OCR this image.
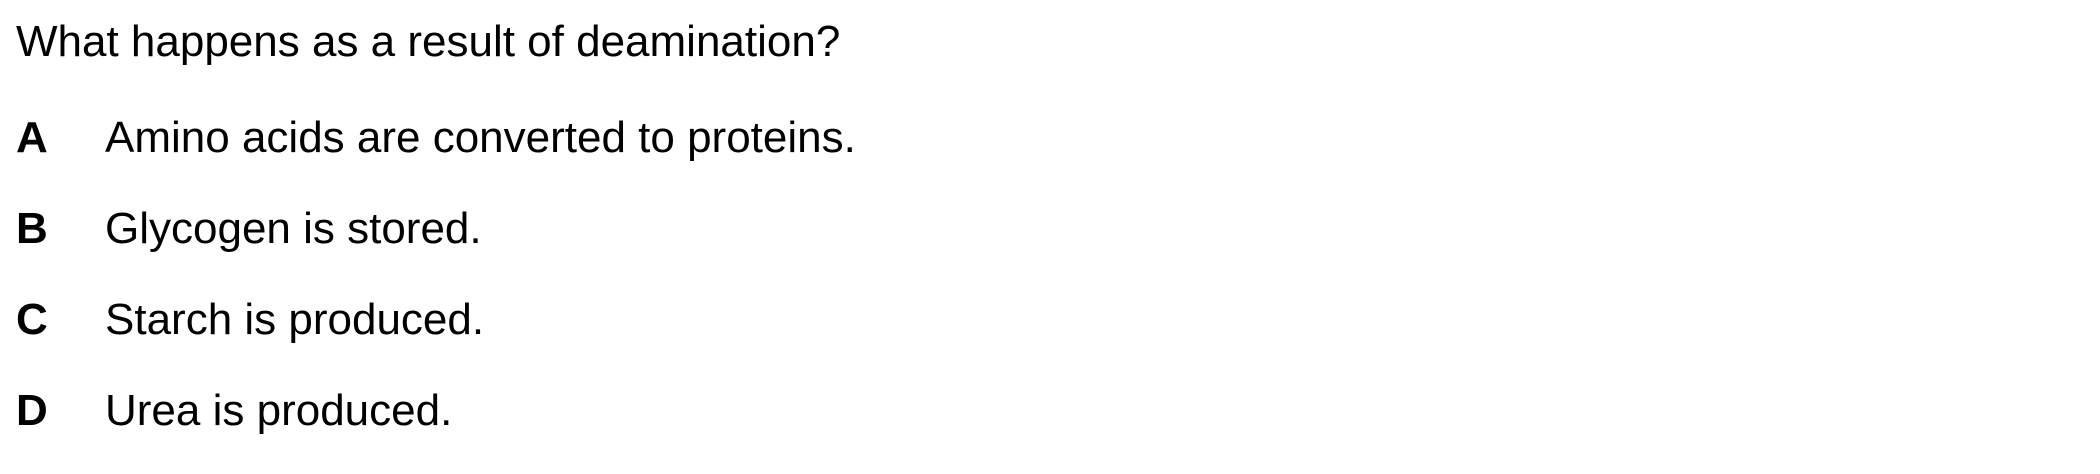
What happens as a result of deamination?
A	Amino acids are converted to proteins.
B	Glycogen is stored.
C	Starch is produced.
D	Urea is produced.
